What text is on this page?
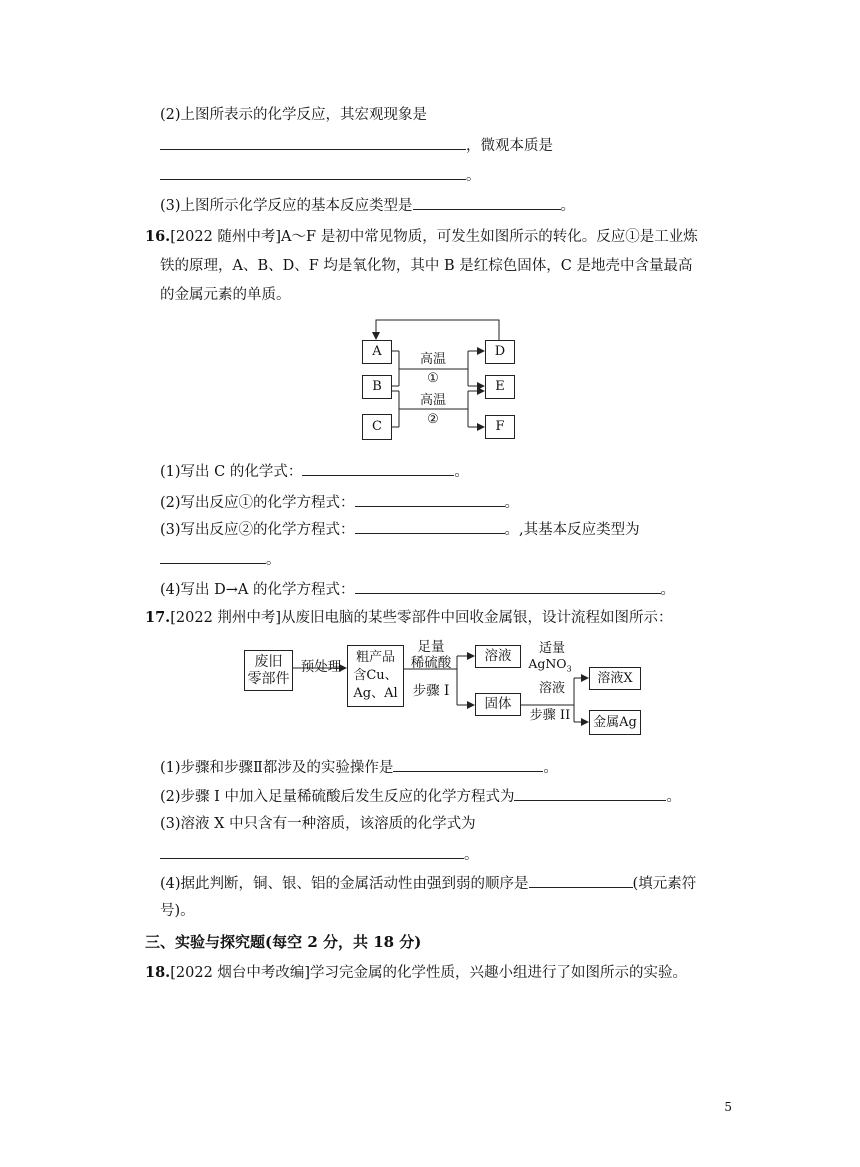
(2)上图所表示的化学反应，其宏观现象是
，微观本质是
。
(3)上图所示化学反应的基本反应类型是	。
16.[2022 随州中考]A～F 是初中常见物质，可发生如图所示的转化。反应①是工业炼
铁的原理，A、B、D、F 均是氧化物，其中 B 是红棕色固体，C 是地壳中含量最高
的金属元素的单质。
A
B
C
D
E
F
高温
①
高温
②
(1)写出 C 的化学式：	。
(2)写出反应①的化学方程式：	。
(3)写出反应②的化学方程式：	。,其基本反应类型为
。
(4)写出 D→A 的化学方程式：	。
17.[2022 荆州中考]从废旧电脑的某些零部件中回收金属银，设计流程如图所示：
废旧
零部件
预处理
粗产品
含Cu、
Ag、Al
足量
稀硫酸
步骤 I
溶液
固体
适量
AgNO$_3$
溶液
步骤 II
溶液X
金属Ag
(1)步骤和步骤Ⅱ都涉及的实验操作是	。
(2)步骤 I 中加入足量稀硫酸后发生反应的化学方程式为	。
(3)溶液 X 中只含有一种溶质，该溶质的化学式为
。
(4)据此判断，铜、银、铝的金属活动性由强到弱的顺序是	(填元素符
号)。
三、实验与探究题(每空 2 分，共 18 分)
18.[2022 烟台中考改编]学习完金属的化学性质，兴趣小组进行了如图所示的实验。
5
